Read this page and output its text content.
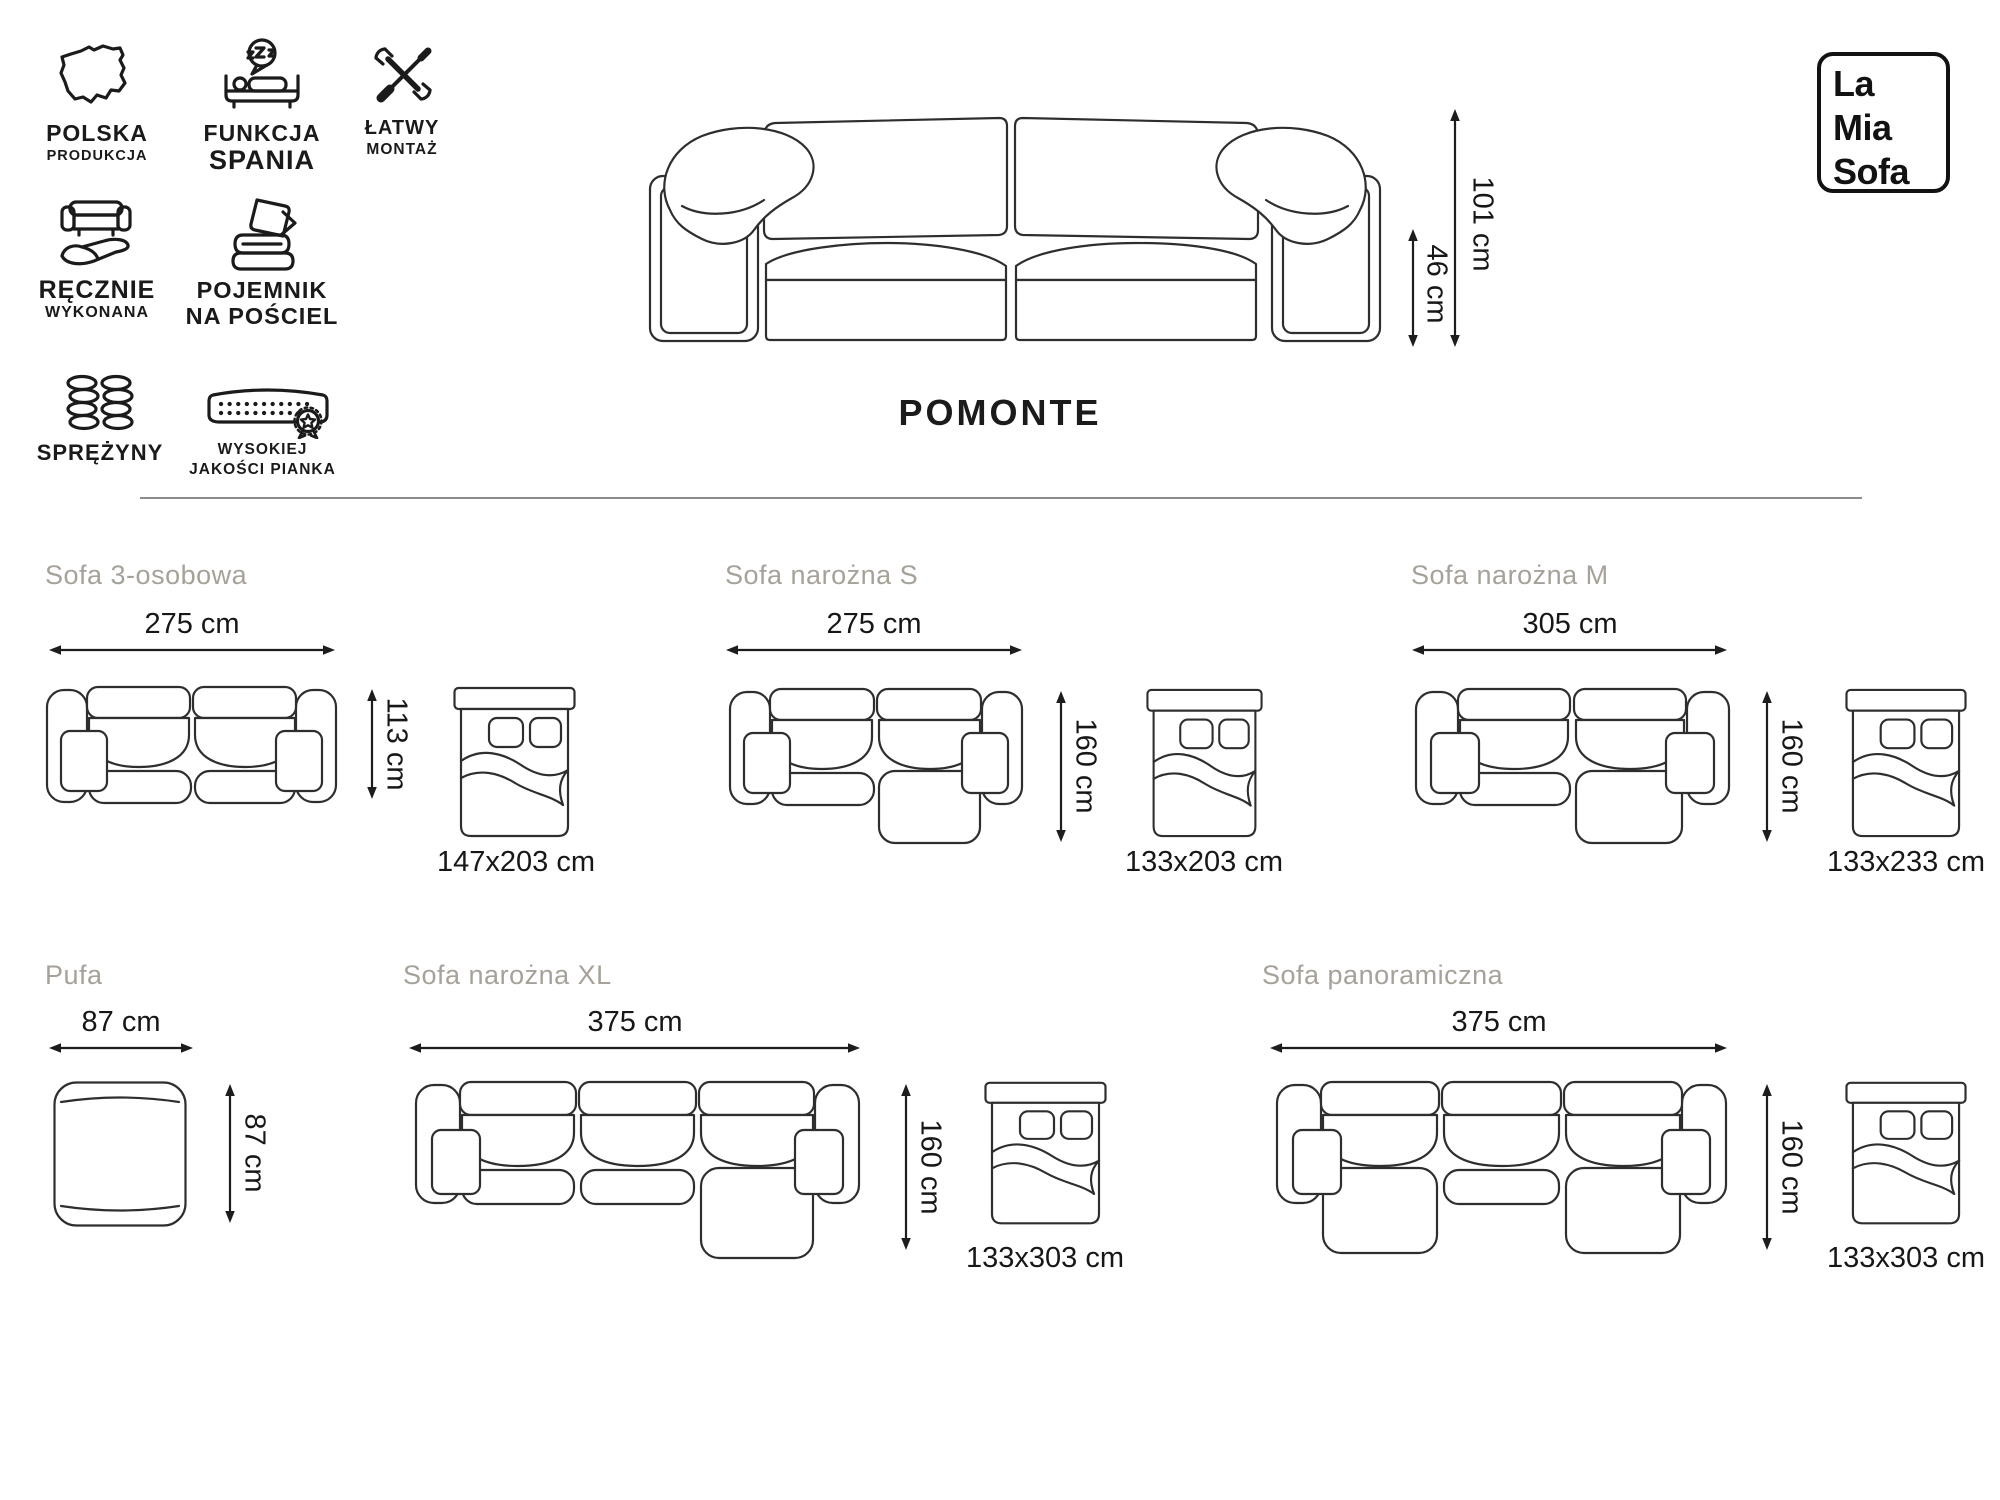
POLSKA
PRODUKCJA
FUNKCJA
SPANIA
ŁATWY
MONTAŻ
RĘCZNIE
WYKONANA
POJEMNIK
NA POŚCIEL
SPRĘŻYNY	WYSOKIEJ
JAKOŚCI PIANKA
46 cm
101 cm
La
Mia
Sofa
POMONTE
Sofa 3-osobowa
275 cm
113 cm
147x203 cm
Sofa narożna S
275 cm
160 cm
133x203 cm
Sofa narożna M
305 cm
160 cm
133x233 cm
Pufa
87 cm
87 cm
Sofa narożna XL
375 cm
160 cm
133x303 cm
Sofa panoramiczna
375 cm
160 cm
133x303 cm
